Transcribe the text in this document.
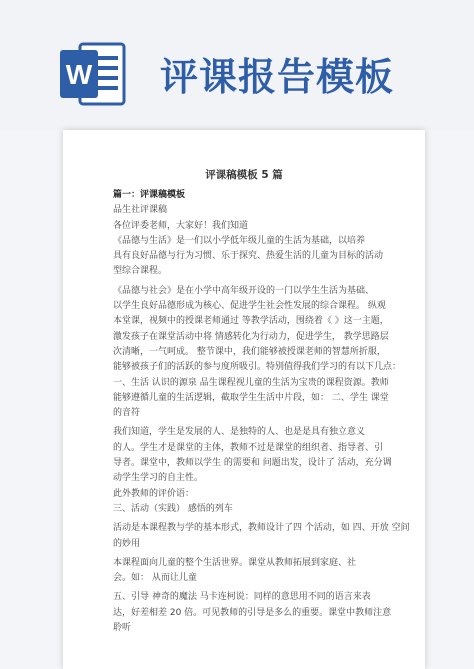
W 评课报告模板
评课稿模板 5 篇

篇一：评课稿模板

品生社评课稿

各位评委老师，大家好！我们知道

《品德与生活》是一们以小学低年级儿童的生活为基础，以培养

具有良好品德与行为习惯、乐于探究、热爱生活的儿童为目标的活动

型综合课程。

《品德与社会》是在小学中高年级开设的一门以学生生活为基础、

以学生良好品德形成为核心、促进学生社会性发展的综合课程。 纵观

本堂课，视频中的授课老师通过 等教学活动，围绕着《 》这一主题，

激发孩子在课堂活动中将 情感转化为行动力，促进学生， 教学思路层

次清晰，一气呵成。 整节课中，我们能够被授课老师的智慧所折服，

能够被孩子们的活跃的参与度所吸引。特别值得我们学习的有以下几点：

一、生活 认识的源泉 品生课程视儿童的生活为宝贵的课程资源。教师

能够遵循儿童的生活逻辑，截取学生生活中片段，如： 二、学生 课堂

的音符

我们知道，学生是发展的人、是独特的人、也是是具有独立意义

的人。学生才是课堂的主体，教师不过是课堂的组织者、指导者、引

导者。课堂中，教师以学生 的需要和 问题出发，设计了 活动，充分调

动学生学习的自主性。

此外教师的评价语：

三、活动（实践） 感悟的列车

活动是本课程教与学的基本形式，教师设计了四 个活动，如 四、开放 空间

的妙用

本课程面向儿童的整个生活世界。课堂从教师拓展到家庭、社

会。如： 从而让儿童

五、引导 神奇的魔法 马卡连柯说：同样的意思用不同的语言来表

达，好差相差 20 倍。可见教师的引导是多么的重要。课堂中教师注意

聆听
